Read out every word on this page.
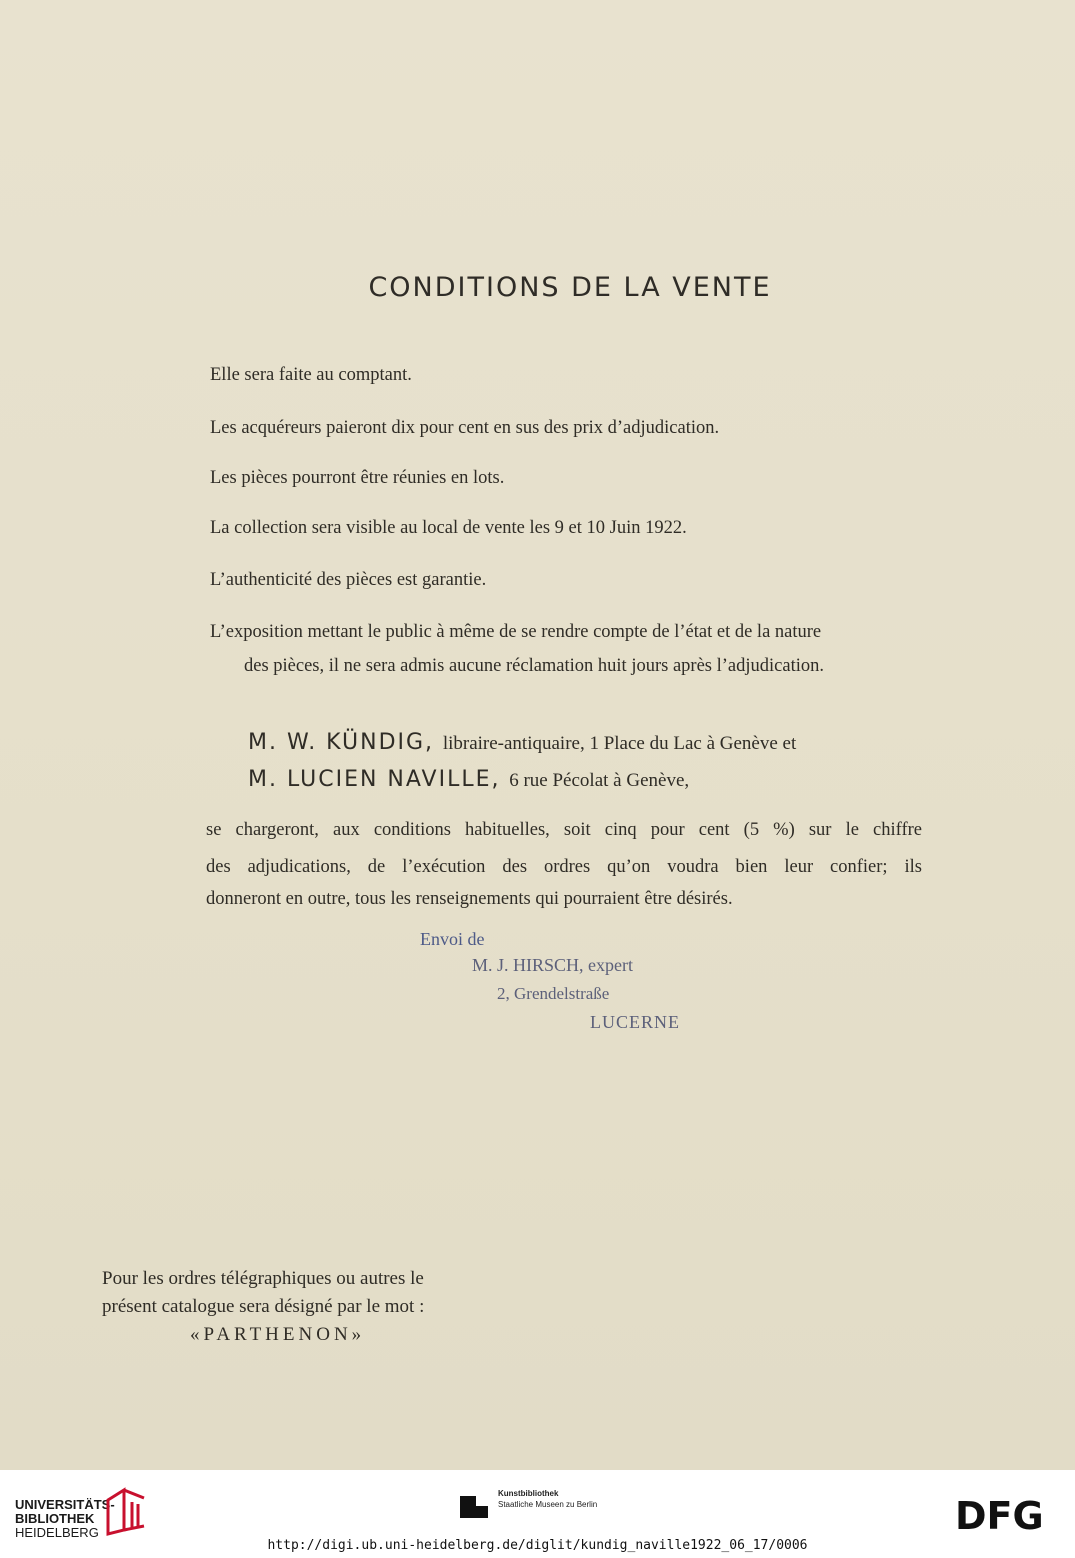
CONDITIONS DE LA VENTE
Elle sera faite au comptant.
Les acquéreurs paieront dix pour cent en sus des prix d’adjudication.
Les pièces pourront être réunies en lots.
La collection sera visible au local de vente les 9 et 10 Juin 1922.
L’authenticité des pièces est garantie.
L’exposition mettant le public à même de se rendre compte de l’état et de la nature
des pièces, il ne sera admis aucune réclamation huit jours après l’adjudication.
M. W. KÜNDIG, libraire-antiquaire, 1 Place du Lac à Genève et
M. LUCIEN NAVILLE, 6 rue Pécolat à Genève,
se chargeront, aux conditions habituelles, soit cinq pour cent (5 %) sur le chiffre
des adjudications, de l’exécution des ordres qu’on voudra bien leur confier; ils
donneront en outre, tous les renseignements qui pourraient être désirés.
Envoi de
M. J. HIRSCH, expert
2, Grendelstraße
LUCERNE
Pour les ordres télégraphiques ou autres le
présent catalogue sera désigné par le mot :
«PARTHENON»
UNIVERSITÄTS-
BIBLIOTHEK
HEIDELBERG
Kunstbibliothek
Staatliche Museen zu Berlin	DFG
http://digi.ub.uni-heidelberg.de/diglit/kundig_naville1922_06_17/0006
